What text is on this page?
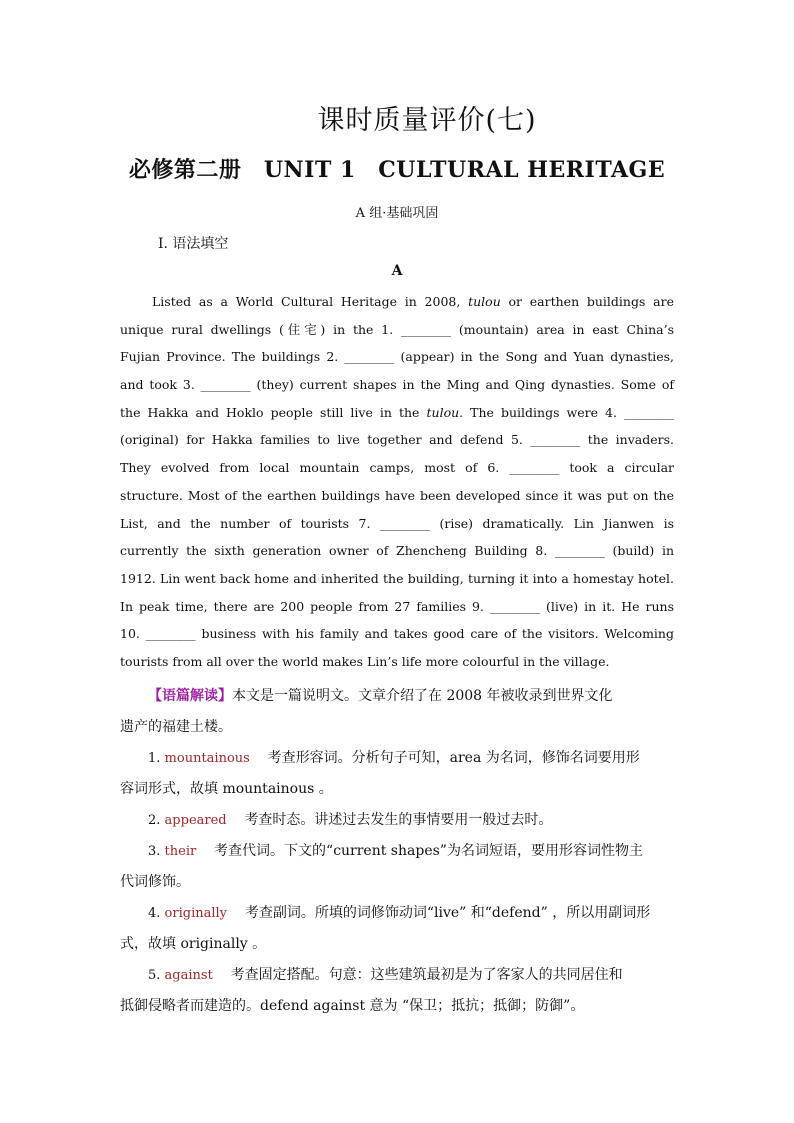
课时质量评价(七)
必修第二册　UNIT 1　CULTURAL HERITAGE
A 组·基础巩固
Ⅰ. 语法填空
A
Listed as a World Cultural Heritage in 2008, tulou or earthen buildings are
unique rural dwellings (住宅) in the 1. ________ (mountain) area in east China’s
Fujian Province. The buildings 2. ________ (appear) in the Song and Yuan dynasties,
and took 3. ________ (they) current shapes in the Ming and Qing dynasties. Some of
the Hakka and Hoklo people still live in the tulou. The buildings were 4. ________
(original) for Hakka families to live together and defend 5. ________ the invaders.
They evolved from local mountain camps, most of 6. ________ took a circular
structure. Most of the earthen buildings have been developed since it was put on the
List, and the number of tourists 7. ________ (rise) dramatically. Lin Jianwen is
currently the sixth generation owner of Zhencheng Building 8. ________ (build) in
1912. Lin went back home and inherited the building, turning it into a homestay hotel.
In peak time, there are 200 people from 27 families 9. ________ (live) in it. He runs
10. ________ business with his family and takes good care of the visitors. Welcoming
tourists from all over the world makes Lin’s life more colourful in the village.
【语篇解读】本文是一篇说明文。文章介绍了在 2008 年被收录到世界文化
遗产的福建土楼。
1. mountainous 考查形容词。分析句子可知，area 为名词，修饰名词要用形
容词形式，故填 mountainous 。
2. appeared 考查时态。讲述过去发生的事情要用一般过去时。
3. their 考查代词。下文的“current shapes”为名词短语，要用形容词性物主
代词修饰。
4. originally 考查副词。所填的词修饰动词“live” 和“defend” ，所以用副词形
式，故填 originally 。
5. against 考查固定搭配。句意：这些建筑最初是为了客家人的共同居住和
抵御侵略者而建造的。defend against 意为 “保卫；抵抗；抵御；防御”。
